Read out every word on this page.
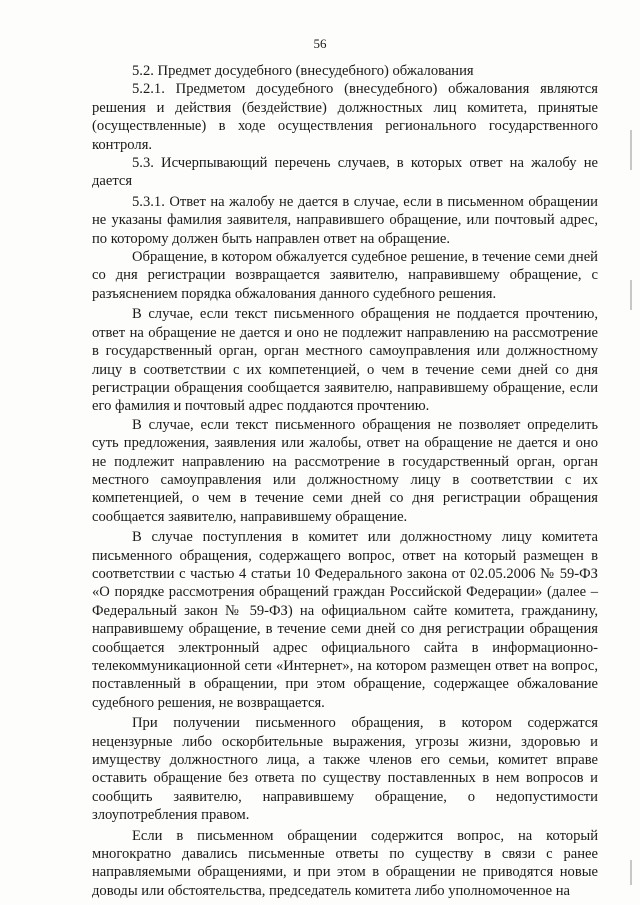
56

5.2. Предмет досудебного (внесудебного) обжалования

5.2.1. Предметом досудебного (внесудебного) обжалования являются решения и действия (бездействие) должностных лиц комитета, принятые (осуществленные) в ходе осуществления регионального государственного контроля.

5.3. Исчерпывающий перечень случаев, в которых ответ на жалобу не дается

5.3.1. Ответ на жалобу не дается в случае, если в письменном обращении не указаны фамилия заявителя, направившего обращение, или почтовый адрес, по которому должен быть направлен ответ на обращение.

Обращение, в котором обжалуется судебное решение, в течение семи дней со дня регистрации возвращается заявителю, направившему обращение, с разъяснением порядка обжалования данного судебного решения.

В случае, если текст письменного обращения не поддается прочтению, ответ на обращение не дается и оно не подлежит направлению на рассмотрение в государственный орган, орган местного самоуправления или должностному лицу в соответствии с их компетенцией, о чем в течение семи дней со дня регистрации обращения сообщается заявителю, направившему обращение, если его фамилия и почтовый адрес поддаются прочтению.

В случае, если текст письменного обращения не позволяет определить суть предложения, заявления или жалобы, ответ на обращение не дается и оно не подлежит направлению на рассмотрение в государственный орган, орган местного самоуправления или должностному лицу в соответствии с их компетенцией, о чем в течение семи дней со дня регистрации обращения сообщается заявителю, направившему обращение.

В случае поступления в комитет или должностному лицу комитета письменного обращения, содержащего вопрос, ответ на который размещен в соответствии с частью 4 статьи 10 Федерального закона от 02.05.2006 № 59-ФЗ «О порядке рассмотрения обращений граждан Российской Федерации» (далее – Федеральный закон № 59-ФЗ) на официальном сайте комитета, гражданину, направившему обращение, в течение семи дней со дня регистрации обращения сообщается электронный адрес официального сайта в информационно-телекоммуникационной сети «Интернет», на котором размещен ответ на вопрос, поставленный в обращении, при этом обращение, содержащее обжалование судебного решения, не возвращается.

При получении письменного обращения, в котором содержатся нецензурные либо оскорбительные выражения, угрозы жизни, здоровью и имуществу должностного лица, а также членов его семьи, комитет вправе оставить обращение без ответа по существу поставленных в нем вопросов и сообщить заявителю, направившему обращение, о недопустимости злоупотребления правом.

Если в письменном обращении содержится вопрос, на который многократно давались письменные ответы по существу в связи с ранее направляемыми обращениями, и при этом в обращении не приводятся новые доводы или обстоятельства, председатель комитета либо уполномоченное на
